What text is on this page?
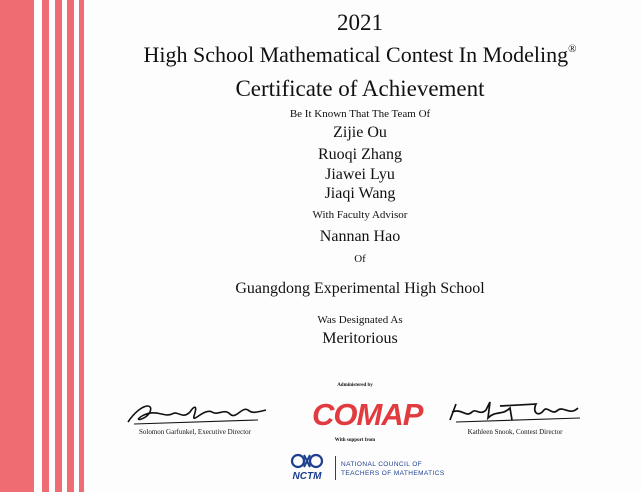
2021
High School Mathematical Contest In Modeling®
Certificate of Achievement
Be It Known That The Team Of
Zijie Ou
Ruoqi Zhang
Jiawei Lyu
Jiaqi Wang
With Faculty Advisor
Nannan Hao
Of
Guangdong Experimental High School
Was Designated As
Meritorious
Solomon Garfunkel, Executive Director
Administered by
COMAP
With support from
Kathleen Snook, Contest Director
NCTM
NATIONAL COUNCIL OF
TEACHERS OF MATHEMATICS
